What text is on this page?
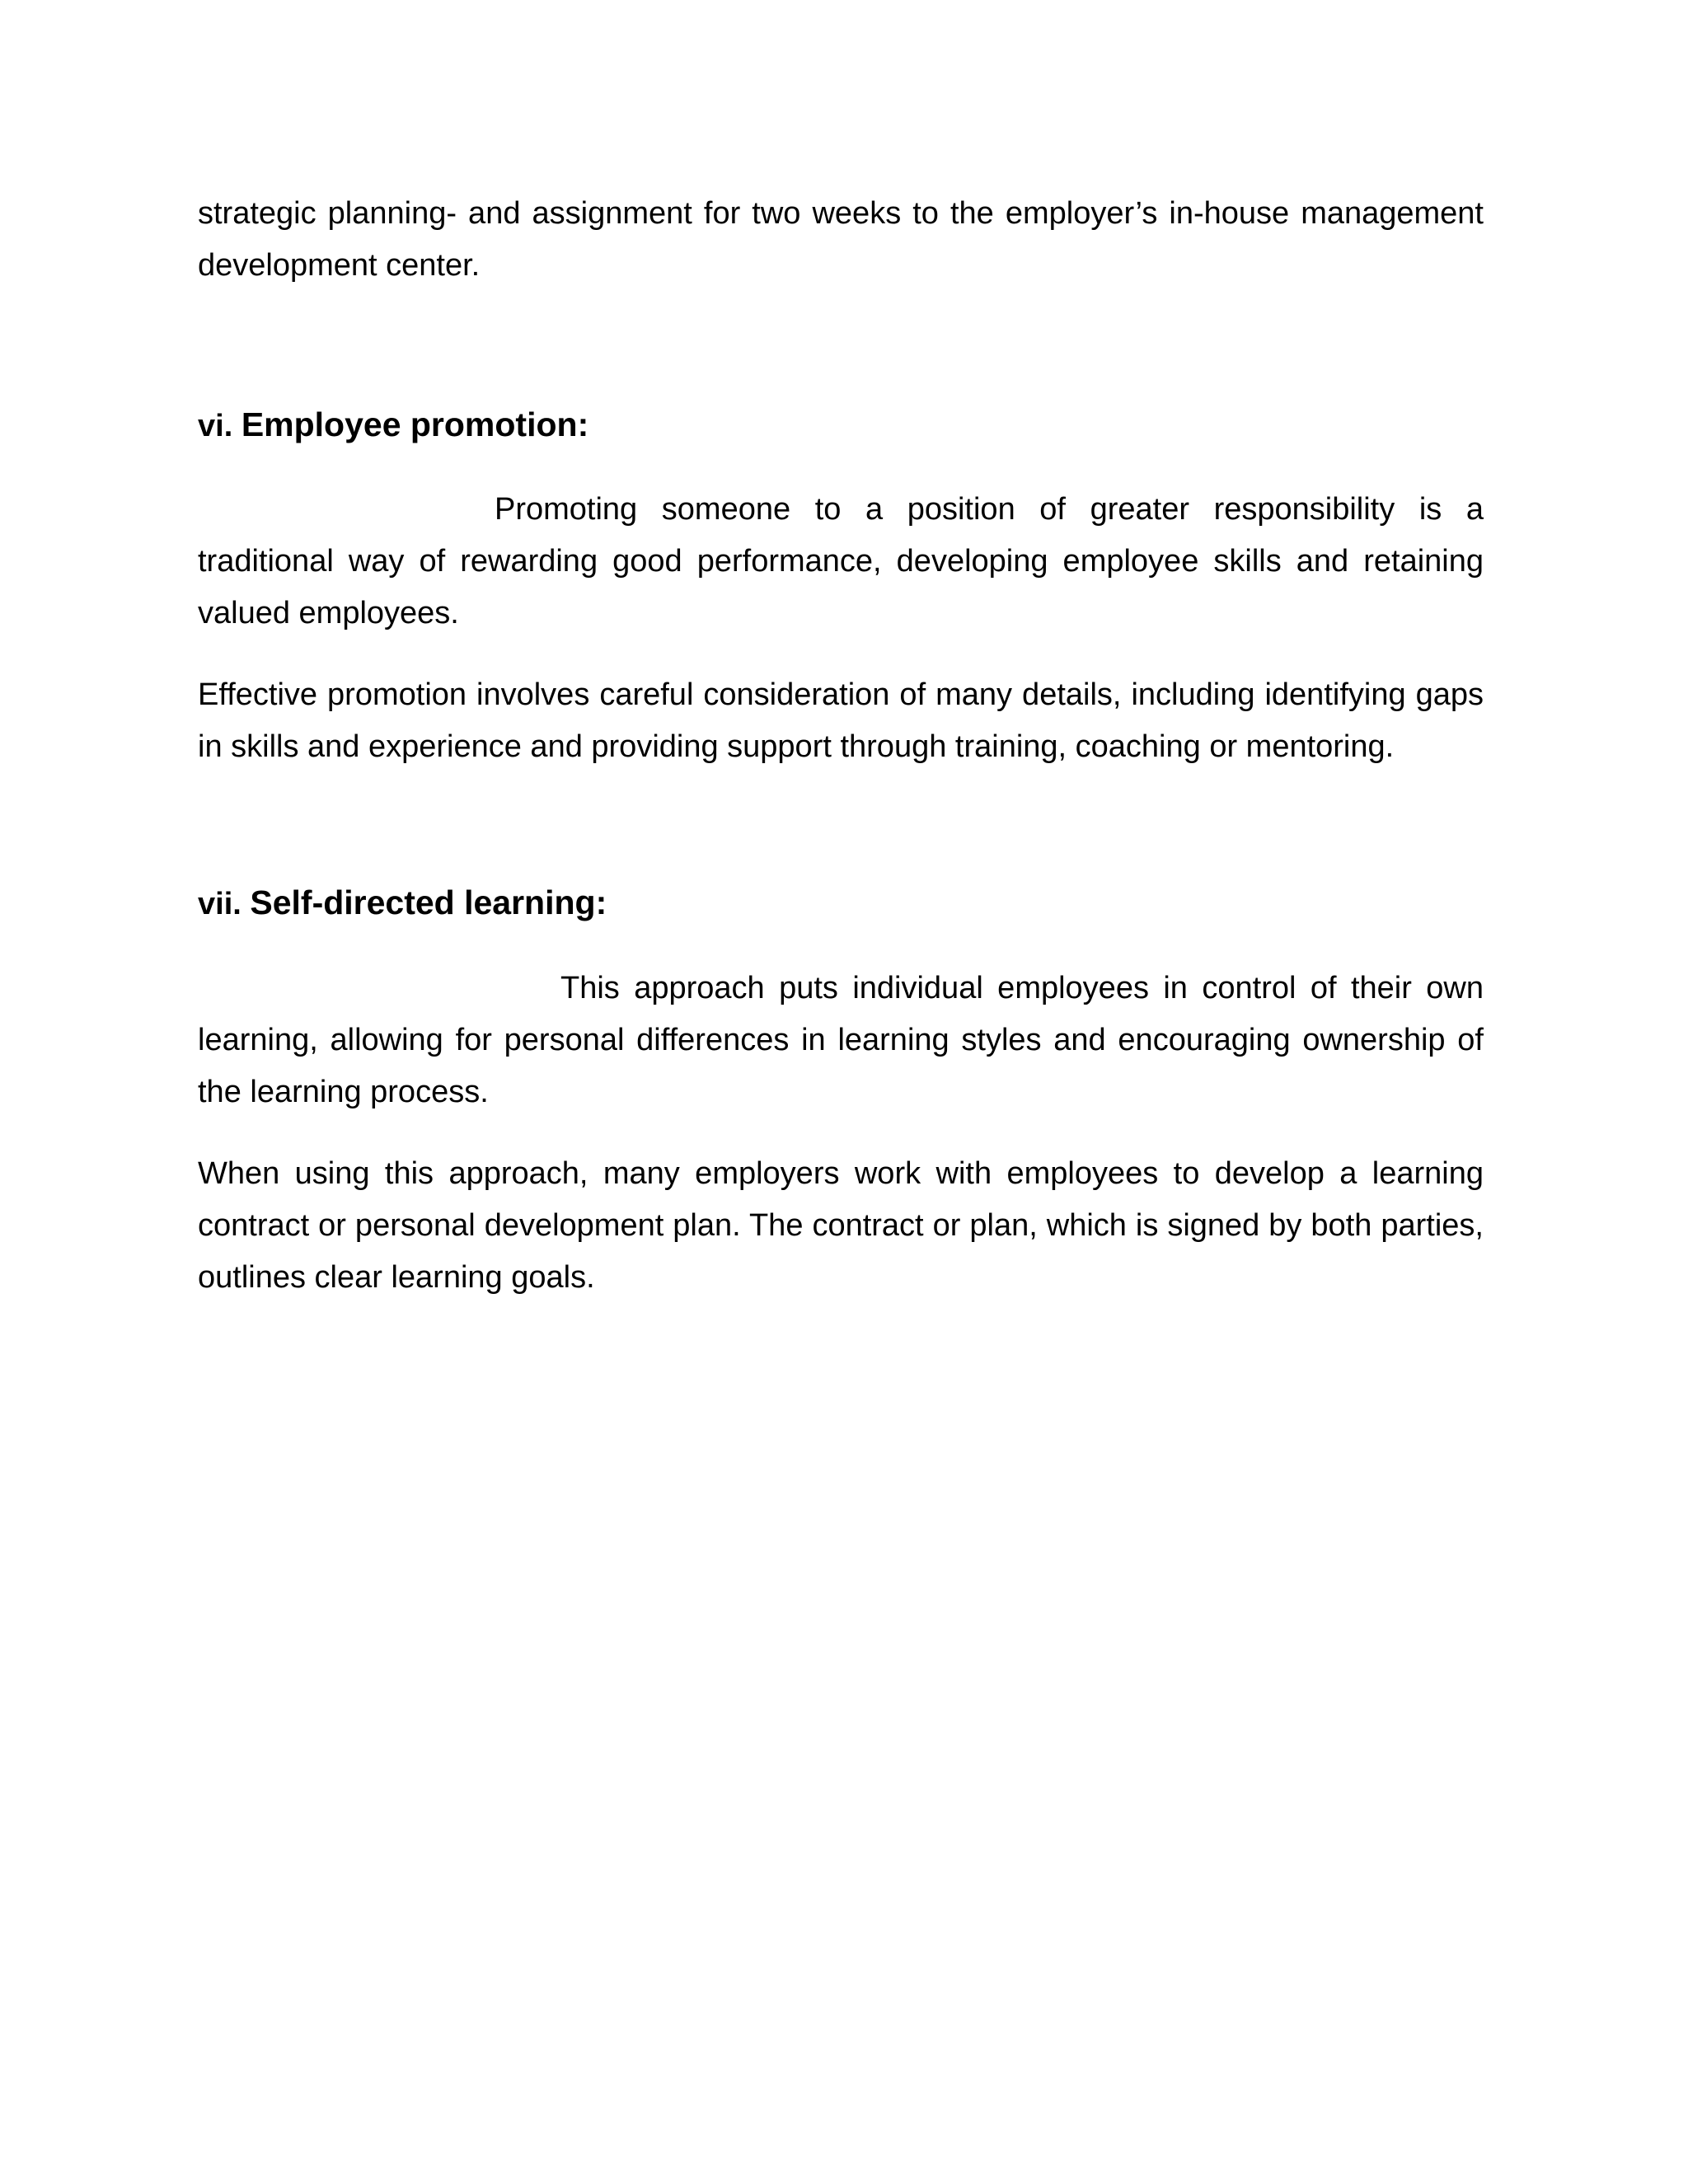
strategic planning- and assignment for two weeks to the employer’s in-house management development center.

vi. Employee promotion:

Promoting someone to a position of greater responsibility is a traditional way of rewarding good performance, developing employee skills and retaining valued employees.

Effective promotion involves careful consideration of many details, including identifying gaps in skills and experience and providing support through training, coaching or mentoring.

vii. Self-directed learning:

This approach puts individual employees in control of their own learning, allowing for personal differences in learning styles and encouraging ownership of the learning process.

When using this approach, many employers work with employees to develop a learning contract or personal development plan. The contract or plan, which is signed by both parties, outlines clear learning goals.
